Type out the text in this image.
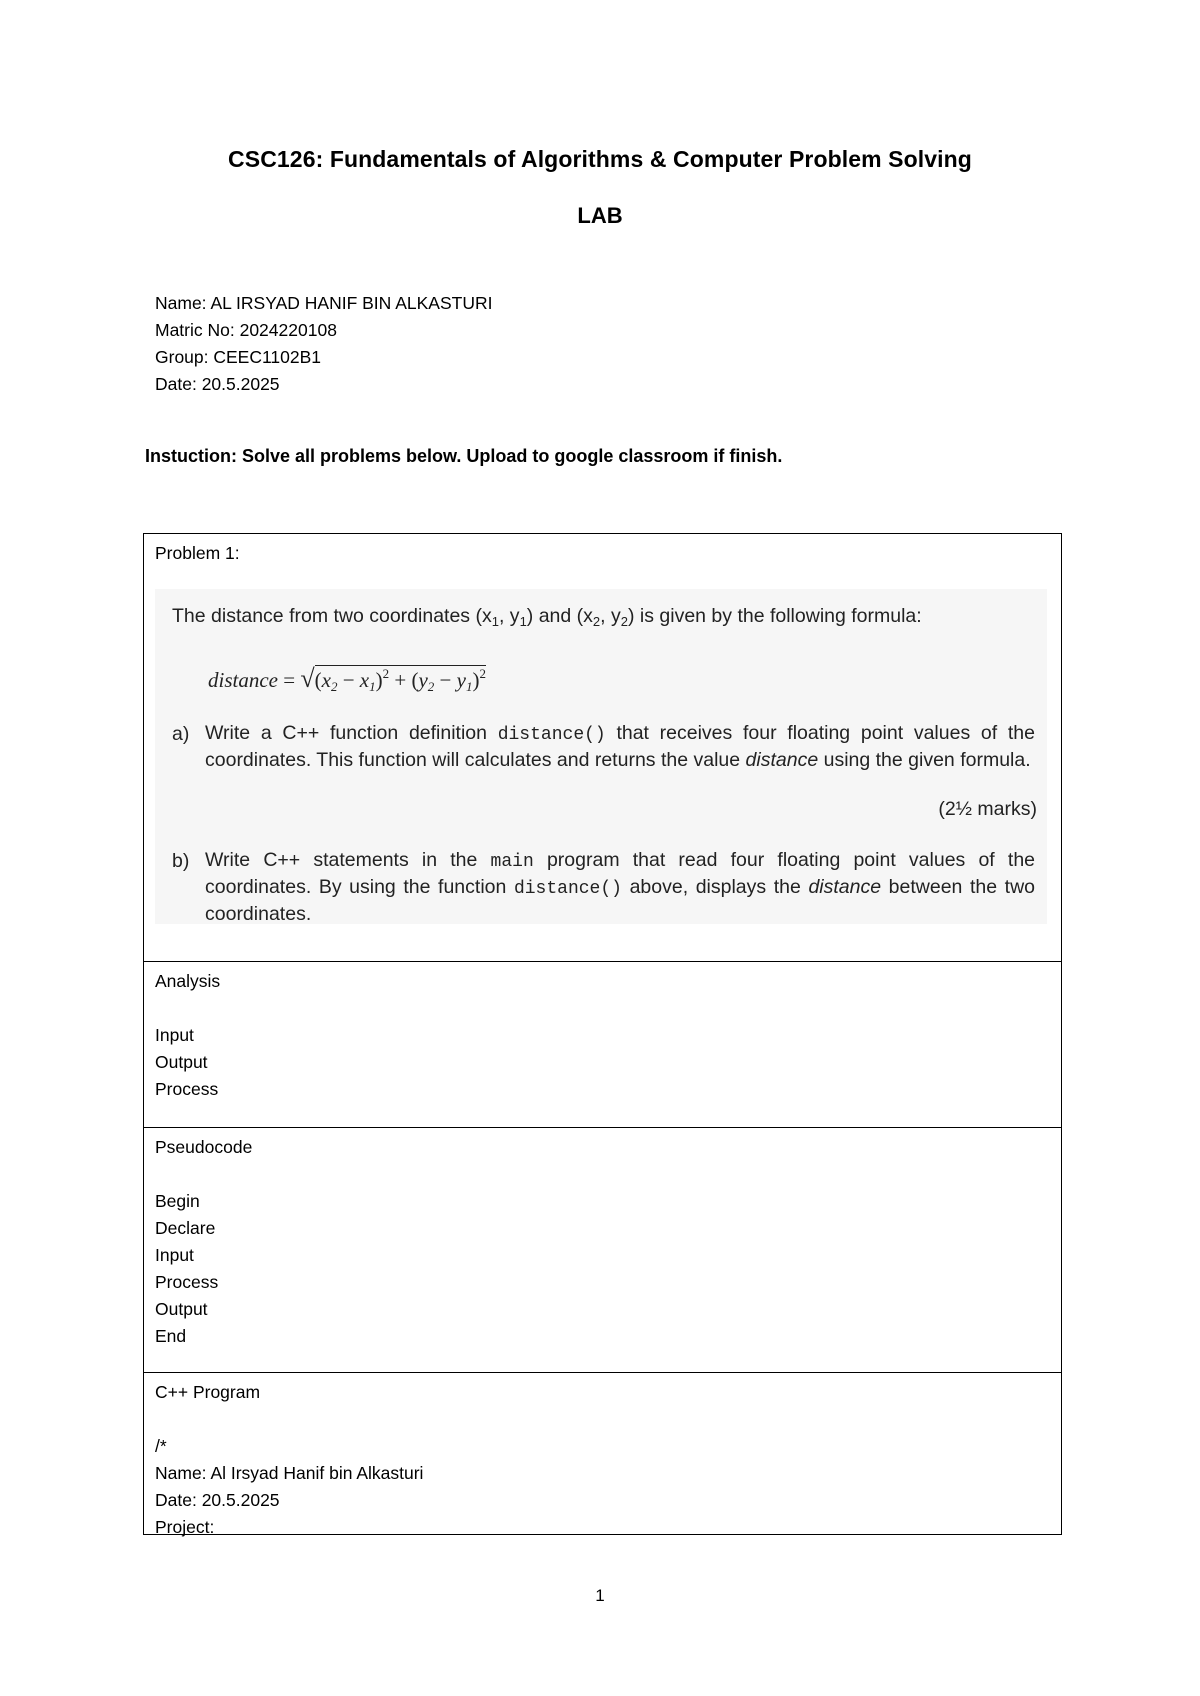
CSC126: Fundamentals of Algorithms & Computer Problem Solving
LAB
Name: AL IRSYAD HANIF BIN ALKASTURI
Matric No: 2024220108
Group: CEEC1102B1
Date: 20.5.2025
Instuction: Solve all problems below. Upload to google classroom if finish.
Problem 1:
The distance from two coordinates ($x_1$, $y_1$) and ($x_2$, $y_2$) is given by the following formula:
distance = $√(x_2 - x_1)^2 + (y_2 - y_1)^2$
a) Write a C++ function definition distance() that receives four floating point values of the coordinates. This function will calculates and returns the value distance using the given formula.
(2½ marks)
b) Write C++ statements in the main program that read four floating point values of the coordinates. By using the function distance() above, displays the distance between the two coordinates.
Analysis
Input
Output
Process
Pseudocode
Begin
Declare
Input
Process
Output
End
C++ Program
/*
Name: Al Irsyad Hanif bin Alkasturi
Date: 20.5.2025
Project:
1
